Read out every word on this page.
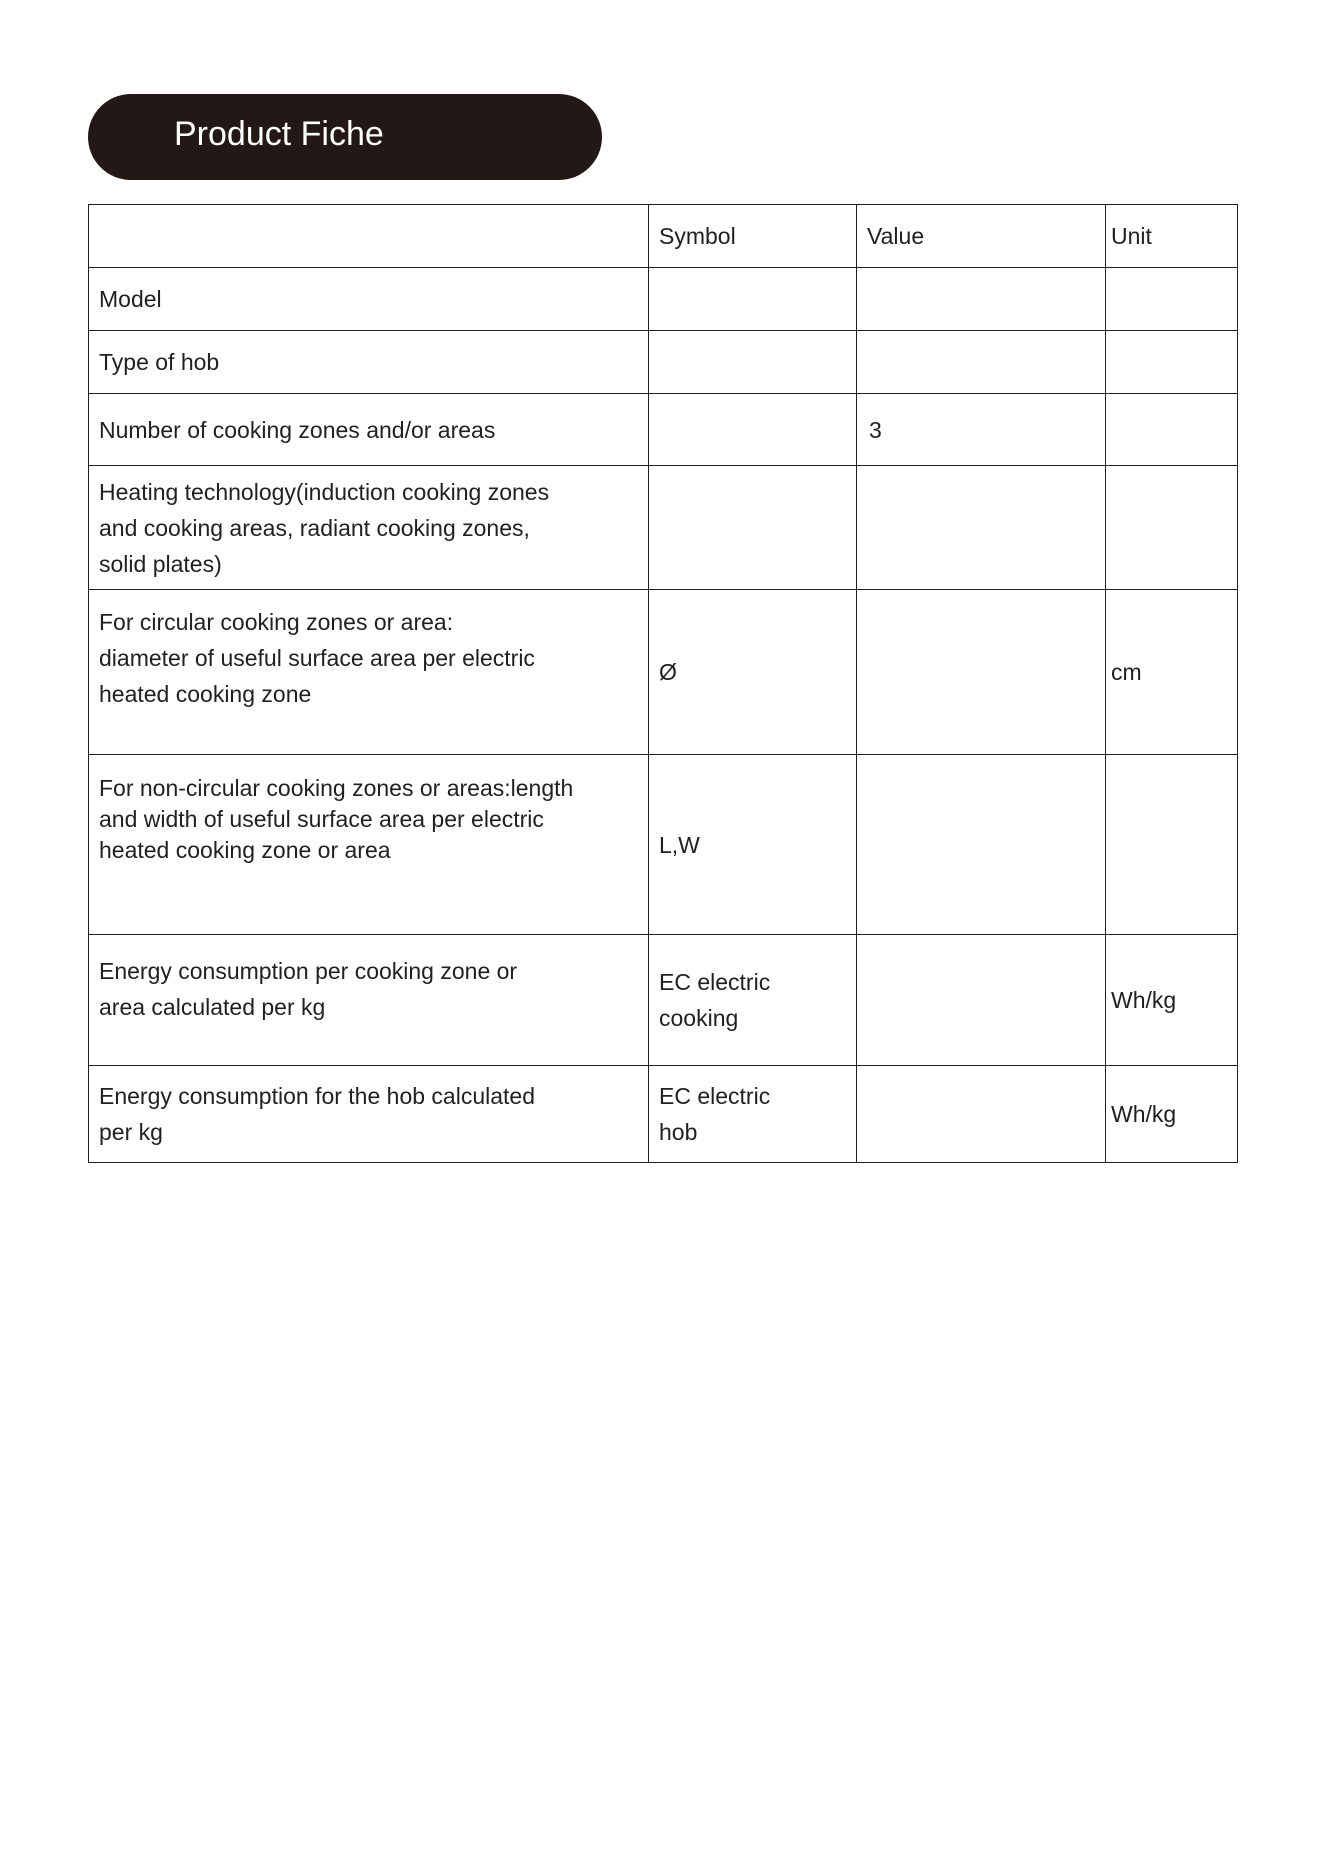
Product Fiche
	Symbol	Value	Unit

Model			

Type of hob			

Number of cooking zones and/or areas		3	

Heating technology(induction cooking zones
and cooking areas, radiant cooking zones,
solid plates)			

For circular cooking zones or area:
diameter of useful surface area per electric
heated cooking zone	Ø		cm

For non-circular cooking zones or areas:length
and width of useful surface area per electric
heated cooking zone or area	L,W		

Energy consumption per cooking zone or
area calculated per kg	EC electric
cooking		Wh/kg

Energy consumption for the hob calculated
per kg	EC electric
hob		Wh/kg
